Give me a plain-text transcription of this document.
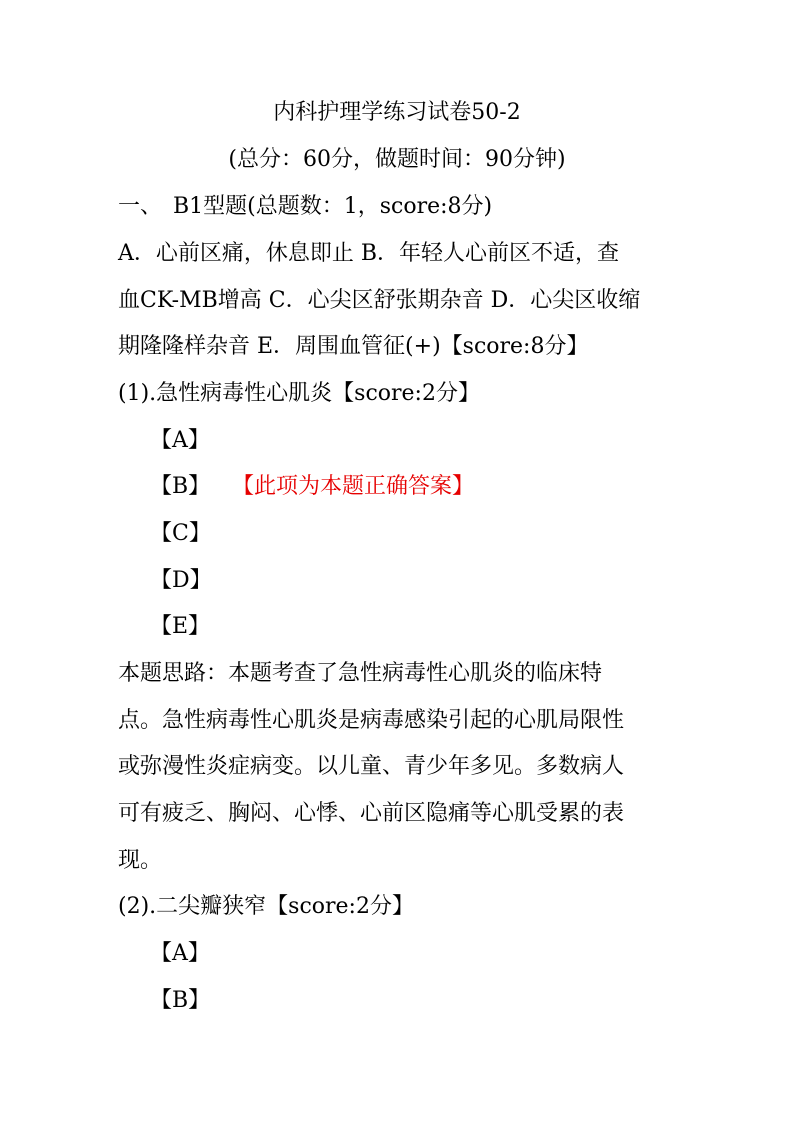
内科护理学练习试卷50-2
(总分：60分，做题时间：90分钟)
一、　B1型题(总题数：1，score:8分)
A．心前区痛，休息即止 B．年轻人心前区不适，查
血CK-MB增高 C．心尖区舒张期杂音 D．心尖区收缩
期隆隆样杂音 E．周围血管征(+)【score:8分】
(1).急性病毒性心肌炎【score:2分】
【A】
【B】 【此项为本题正确答案】
【C】
【D】
【E】
本题思路：本题考查了急性病毒性心肌炎的临床特
点。急性病毒性心肌炎是病毒感染引起的心肌局限性
或弥漫性炎症病变。以儿童、青少年多见。多数病人
可有疲乏、胸闷、心悸、心前区隐痛等心肌受累的表
现。
(2).二尖瓣狭窄【score:2分】
【A】
【B】
